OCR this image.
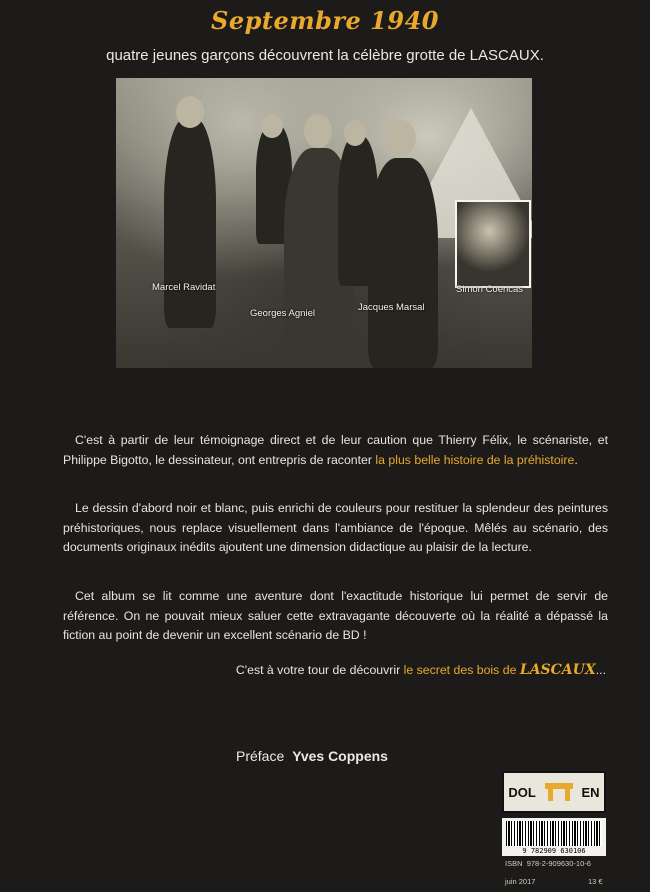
Septembre 1940
quatre jeunes garçons découvrent la célèbre grotte de LASCAUX.
Marcel Ravidat
Georges Agniel
Jacques Marsal
Simon Coencas
C'est à partir de leur témoignage direct et de leur caution que Thierry Félix, le scénariste, et Philippe Bigotto, le dessinateur, ont entrepris de raconter la plus belle histoire de la préhistoire.
Le dessin d'abord noir et blanc, puis enrichi de couleurs pour restituer la splendeur des peintures préhistoriques, nous replace visuellement dans l'ambiance de l'époque. Mêlés au scénario, des documents originaux inédits ajoutent une dimension didactique au plaisir de la lecture.
Cet album se lit comme une aventure dont l'exactitude historique lui permet de servir de référence. On ne pouvait mieux saluer cette extravagante découverte où la réalité a dépassé la fiction au point de devenir un excellent scénario de BD !
C'est à votre tour de découvrir le secret des bois de LASCAUX...
Préface Yves Coppens
DOL	EN
9 782909 630106
ISBN 978-2-909630-10-6
juin 2017	13 €
